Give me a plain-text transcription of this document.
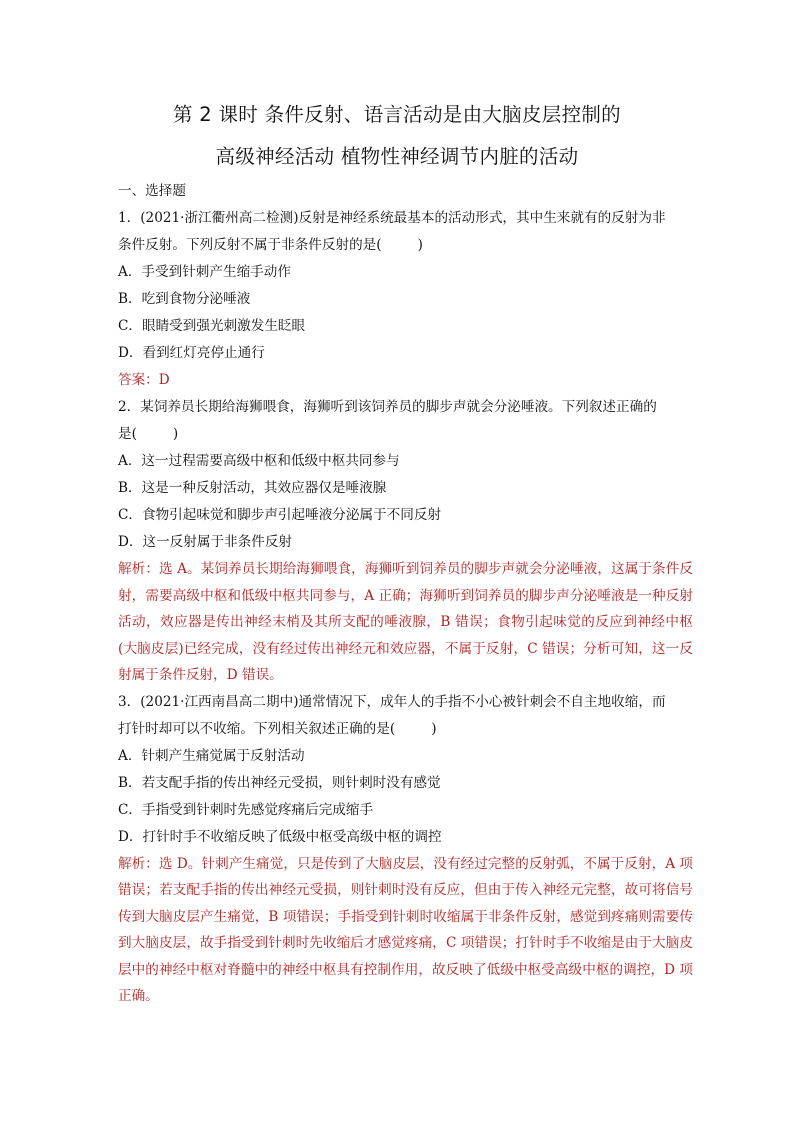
第 2 课时 条件反射、语言活动是由大脑皮层控制的
高级神经活动 植物性神经调节内脏的活动
一、选择题
1．(2021·浙江衢州高二检测)反射是神经系统最基本的活动形式，其中生来就有的反射为非
条件反射。下列反射不属于非条件反射的是(	)
A．手受到针刺产生缩手动作
B．吃到食物分泌唾液
C．眼睛受到强光刺激发生眨眼
D．看到红灯亮停止通行
答案：D
2．某饲养员长期给海狮喂食，海狮听到该饲养员的脚步声就会分泌唾液。下列叙述正确的
是(	)
A．这一过程需要高级中枢和低级中枢共同参与
B．这是一种反射活动，其效应器仅是唾液腺
C．食物引起味觉和脚步声引起唾液分泌属于不同反射
D．这一反射属于非条件反射
解析：选 A。某饲养员长期给海狮喂食，海狮听到饲养员的脚步声就会分泌唾液，这属于条件反射，需要高级中枢和低级中枢共同参与，A 正确；海狮听到饲养员的脚步声分泌唾液是一种反射活动，效应器是传出神经末梢及其所支配的唾液腺，B 错误；食物引起味觉的反应到神经中枢(大脑皮层)已经完成，没有经过传出神经元和效应器，不属于反射，C 错误；分析可知，这一反射属于条件反射，D 错误。
3．(2021·江西南昌高二期中)通常情况下，成年人的手指不小心被针刺会不自主地收缩，而
打针时却可以不收缩。下列相关叙述正确的是(	)
A．针刺产生痛觉属于反射活动
B．若支配手指的传出神经元受损，则针刺时没有感觉
C．手指受到针刺时先感觉疼痛后完成缩手
D．打针时手不收缩反映了低级中枢受高级中枢的调控
解析：选 D。针刺产生痛觉，只是传到了大脑皮层，没有经过完整的反射弧，不属于反射，A 项错误；若支配手指的传出神经元受损，则针刺时没有反应，但由于传入神经元完整，故可将信号传到大脑皮层产生痛觉，B 项错误；手指受到针刺时收缩属于非条件反射，感觉到疼痛则需要传到大脑皮层，故手指受到针刺时先收缩后才感觉疼痛，C 项错误；打针时手不收缩是由于大脑皮层中的神经中枢对脊髓中的神经中枢具有控制作用，故反映了低级中枢受高级中枢的调控，D 项正确。
